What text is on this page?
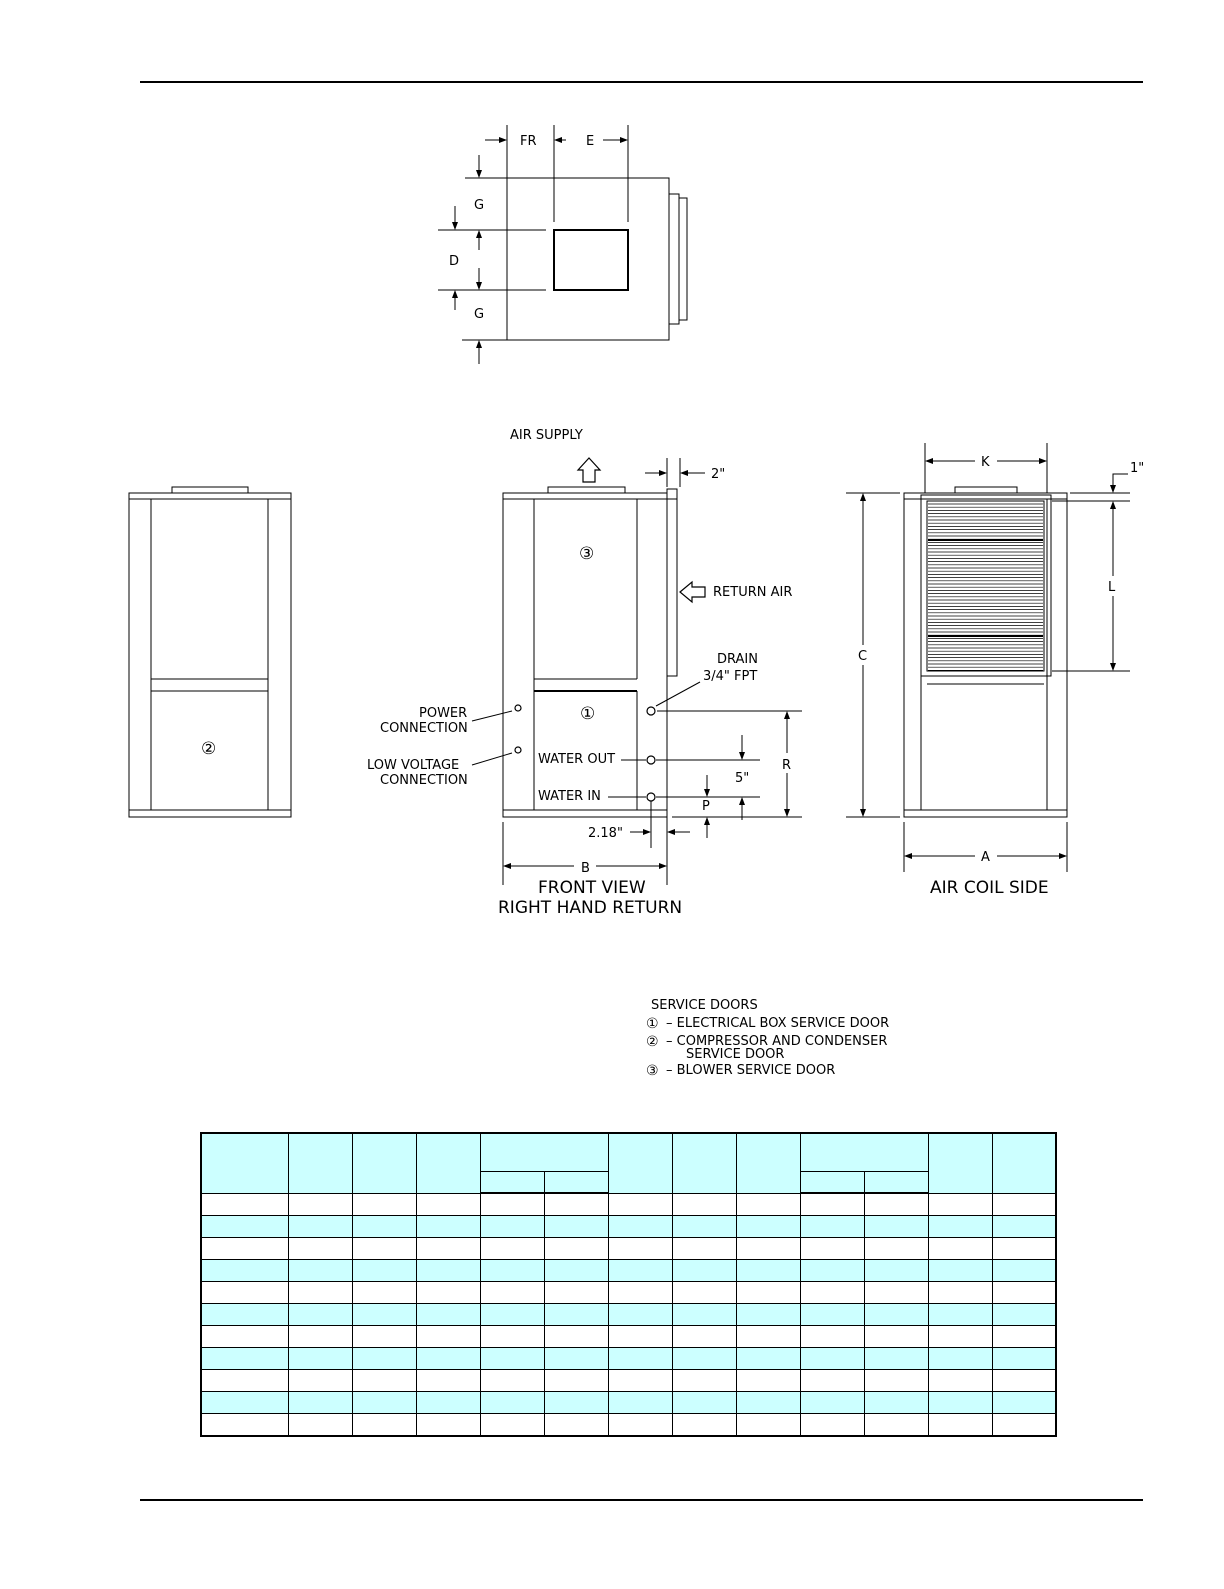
FR	E
G
D
G
②
AIR SUPPLY
③
①
2"
RETURN AIR
DRAIN
3/4" FPT
POWER
CONNECTION
LOW VOLTAGE
CONNECTION
WATER OUT
WATER IN
R
5"
P
2.18"
B
FRONT VIEW
RIGHT HAND RETURN
K	1"
L
C
A
AIR COIL SIDE
SERVICE DOORS
① – ELECTRICAL BOX SERVICE DOOR
② – COMPRESSOR AND CONDENSER
SERVICE DOOR
③ – BLOWER SERVICE DOOR
